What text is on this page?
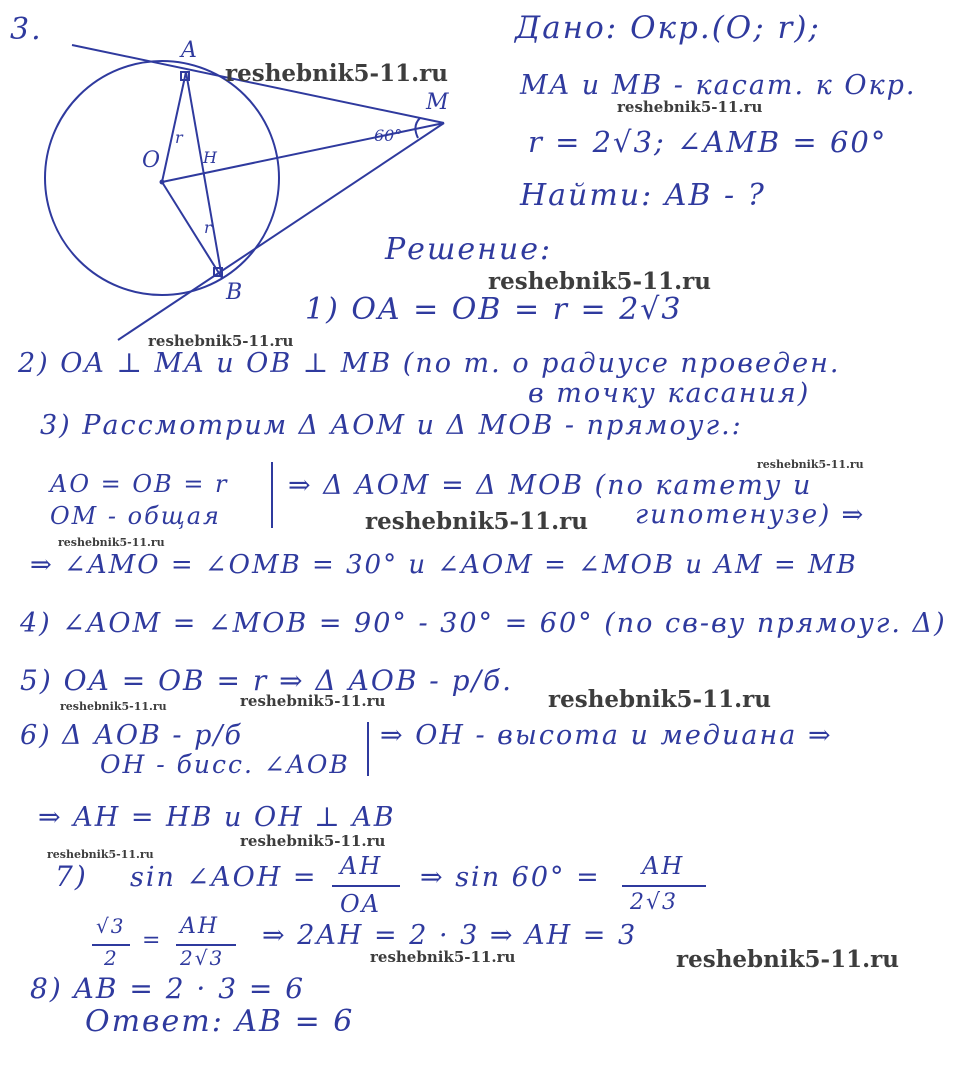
3.
A
M
O	H
B
r
r
60°
Дано: Окр.(O; r);
MA и MB - касат. к Окр.
r = 2√3; ∠AMB = 60°
Найти: AB - ?
Решение:
1) OA = OB = r = 2√3
2) OA ⊥ MA и OB ⊥ MB (по т. о радиусе проведен.
в точку касания)
3) Рассмотрим Δ AOM и Δ MOB - прямоуг.:
AO = OB = r
OM - общая
⇒ Δ AOM = Δ MOB (по катету и
гипотенузе) ⇒
⇒ ∠AMO = ∠OMB = 30° и ∠AOM = ∠MOB и AM = MB
4) ∠AOM = ∠MOB = 90° - 30° = 60° (по св-ву прямоуг. Δ)
5) OA = OB = r ⇒ Δ AOB - р/б.
6) Δ AOB - р/б
OH - бисс. ∠AOB
⇒ OH - высота и медиана ⇒
⇒ AH = HB и OH ⊥ AB
7) sin ∠AOH = AH
OA
⇒ sin 60° = AH
2√3
√3
2
=
AH
2√3
⇒ 2AH = 2 · 3 ⇒ AH = 3
8) AB = 2 · 3 = 6
Ответ: AB = 6
reshebnik5-11.ru
reshebnik5-11.ru
reshebnik5-11.ru
reshebnik5-11.ru
reshebnik5-11.ru
reshebnik5-11.ru
reshebnik5-11.ru
reshebnik5-11.ru	reshebnik5-11.ru	reshebnik5-11.ru
reshebnik5-11.ru
reshebnik5-11.ru
reshebnik5-11.ru	reshebnik5-11.ru
